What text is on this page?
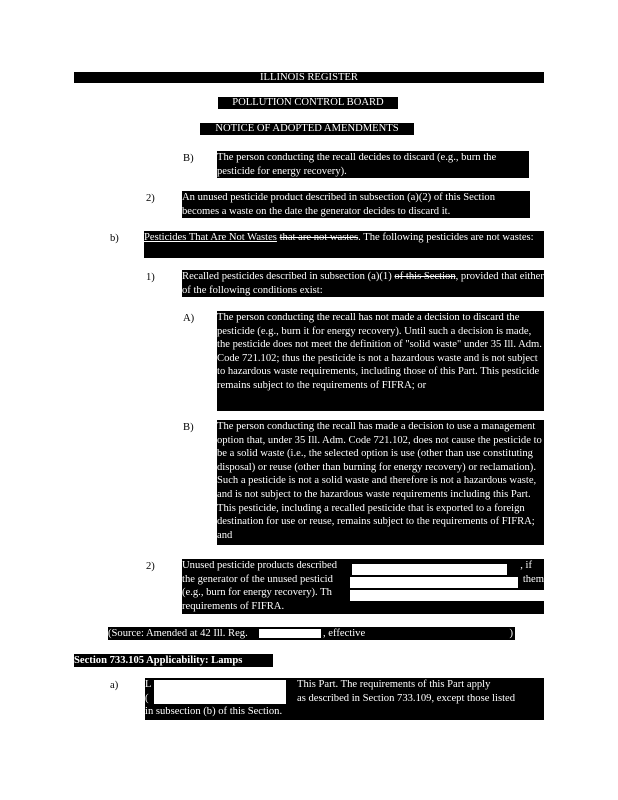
ILLINOIS REGISTER
POLLUTION CONTROL BOARD
NOTICE OF ADOPTED AMENDMENTS
B) The person conducting the recall decides to discard (e.g., burn the pesticide for energy recovery).
2)	An unused pesticide product described in subsection (a)(2) of this Section becomes a waste on the date the generator decides to discard it.
b) Pesticides That Are Not Wastes that are not wastes. The following pesticides are not wastes:
1)	Recalled pesticides described in subsection (a)(1) of this Section, provided that either of the following conditions exist:
A) The person conducting the recall has not made a decision to discard the pesticide (e.g., burn it for energy recovery). Until such a decision is made, the pesticide does not meet the definition of "solid waste" under 35 Ill. Adm. Code 721.102; thus the pesticide is not a hazardous waste and is not subject to hazardous waste requirements, including those of this Part. This pesticide remains subject to the requirements of FIFRA; or
B) The person conducting the recall has made a decision to use a management option that, under 35 Ill. Adm. Code 721.102, does not cause the pesticide to be a solid waste (i.e., the selected option is use (other than use constituting disposal) or reuse (other than burning for energy recovery) or reclamation). Such a pesticide is not a solid waste and therefore is not a hazardous waste, and is not subject to the hazardous waste requirements including this Part. This pesticide, including a recalled pesticide that is exported to a foreign destination for use or reuse, remains subject to the requirements of FIFRA; and
2)	Unused pesticide products described	, if
the generator of the unused pesticid	them
(e.g., burn for energy recovery). Th
requirements of FIFRA.
(Source: Amended at 42 Ill. Reg.	, effective	)
Section 733.105 Applicability: Lamps
a)	L	This Part. The requirements of this Part apply
(	as described in Section 733.109, except those listed
in subsection (b) of this Section.
